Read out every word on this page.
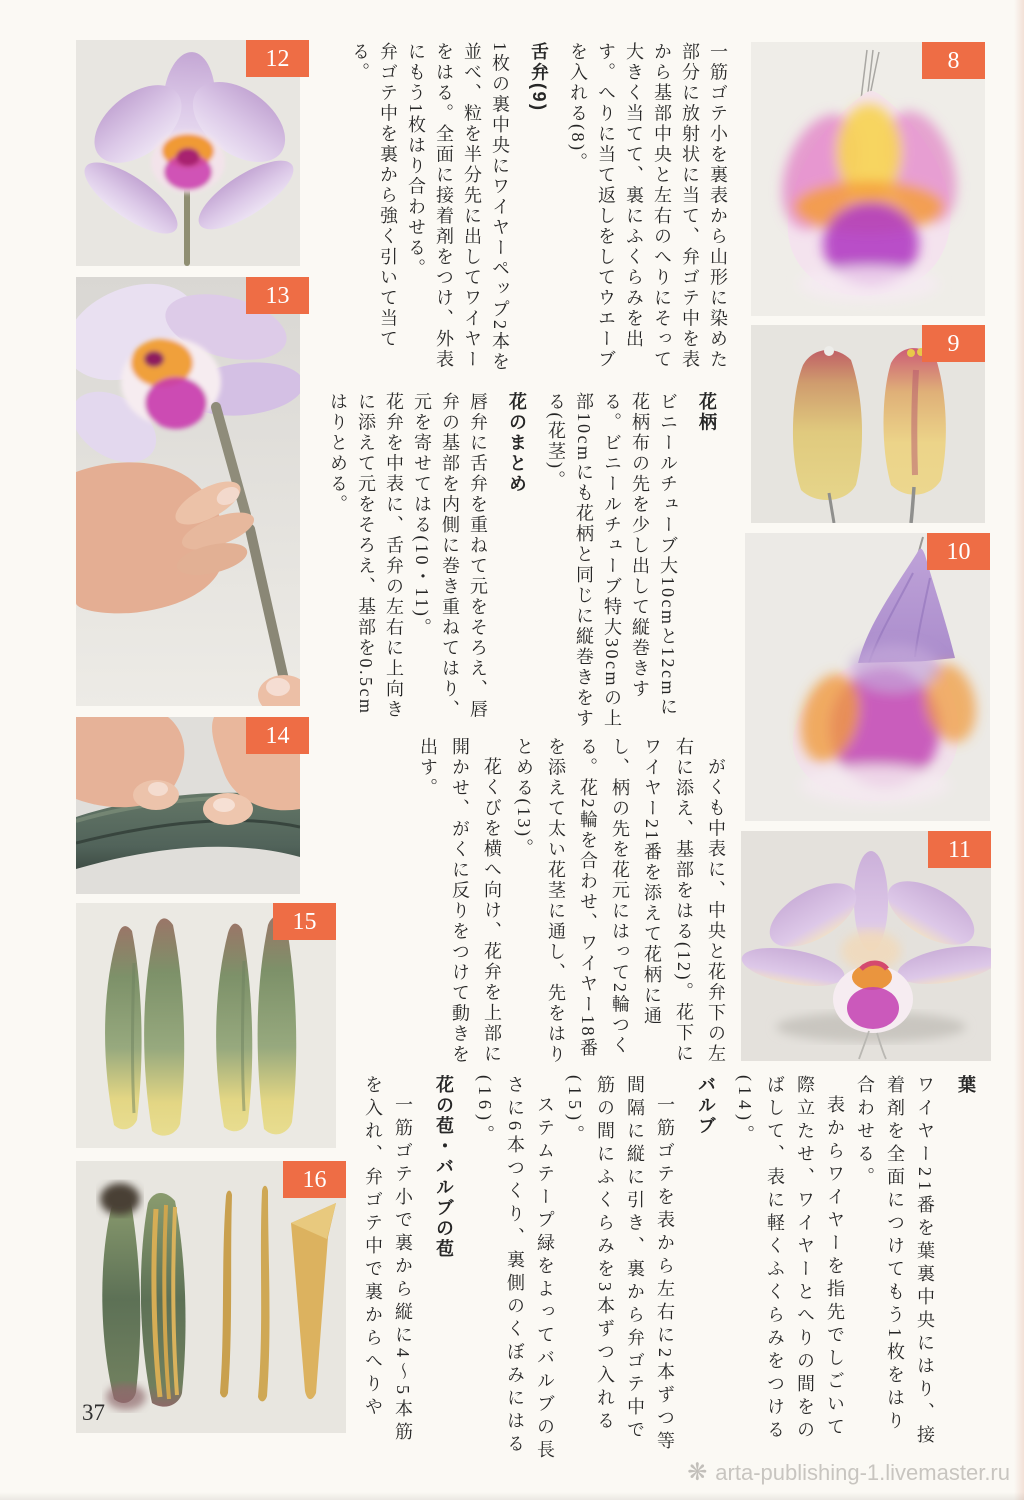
12
13
14
15
16
8
9
10
11

一筋ゴテ小を裏表から山形に染めた部分に放射状に当て、弁ゴテ中を表から基部中央と左右のへりにそって大きく当てて、裏にふくらみを出す。へりに当て返しをしてウエーブを入れる(8)。

舌弁(9)

1枚の裏中央にワイヤーペップ2本を並べ、粒を半分先に出してワイヤーをはる。全面に接着剤をつけ、外表にもう1枚はり合わせる。

弁ゴテ中を裏から強く引いて当てる。

花柄

ビニールチューブ大10cmと12cmに花柄布の先を少し出して縦巻きする。ビニールチューブ特大30cmの上部10cmにも花柄と同じに縦巻きをする(花茎)。

花のまとめ

唇弁に舌弁を重ねて元をそろえ、唇弁の基部を内側に巻き重ねてはり、元を寄せてはる(10・11)。

花弁を中表に、舌弁の左右に上向きに添えて元をそろえ、基部を0.5cmはりとめる。

がくも中表に、中央と花弁下の左右に添え、基部をはる(12)。花下にワイヤー21番を添えて花柄に通し、柄の先を花元にはって2輪つくる。花2輪を合わせ、ワイヤー18番を添えて太い花茎に通し、先をはりとめる(13)。

花くびを横へ向け、花弁を上部に開かせ、がくに反りをつけて動きを出す。

葉

ワイヤー21番を葉裏中央にはり、接着剤を全面につけてもう1枚をはり合わせる。

表からワイヤーを指先でしごいて際立たせ、ワイヤーとへりの間をのばして、表に軽くふくらみをつける(14)。

バルブ

一筋ゴテを表から左右に2本ずつ等間隔に縦に引き、裏から弁ゴテ中で筋の間にふくらみを3本ずつ入れる(15)。

ステムテープ緑をよってバルブの長さに6本つくり、裏側のくぼみにはる(16)。

花の苞・バルブの苞

一筋ゴテ小で裏から縦に4〜5本筋を入れ、弁ゴテ中で裏からへりや

37
❋ arta-publishing-1.livemaster.ru
